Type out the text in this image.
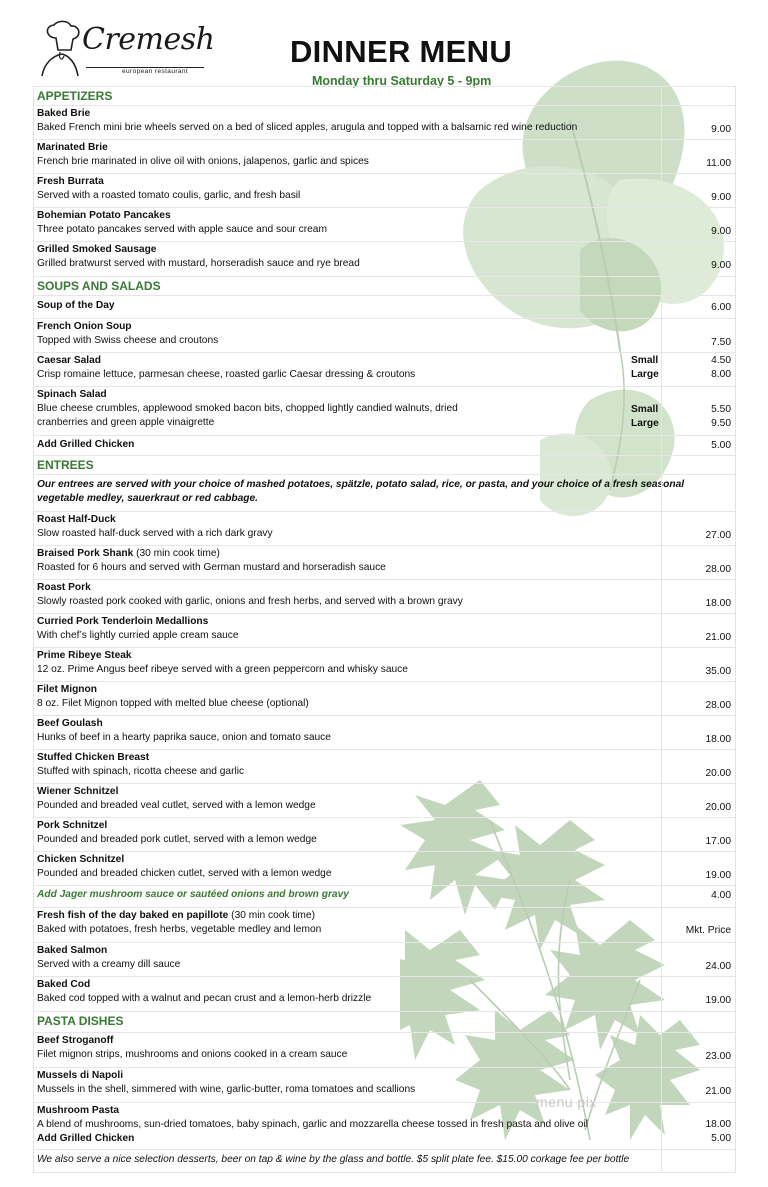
Cremesh
european restaurant
DINNER MENU
Monday thru Saturday 5 - 9pm
APPETIZERS
Baked Brie
Baked French mini brie wheels served on a bed of sliced apples, arugula and topped with a balsamic red wine reduction	9.00
Marinated Brie
French brie marinated in olive oil with onions, jalapenos, garlic and spices	11.00
Fresh Burrata
Served with a roasted tomato coulis, garlic, and fresh basil	9.00
Bohemian Potato Pancakes
Three potato pancakes served with apple sauce and sour cream	9.00
Grilled Smoked Sausage
Grilled bratwurst served with mustard, horseradish sauce and rye bread	9.00
SOUPS AND SALADS
Soup of the Day	6.00
French Onion Soup
Topped with Swiss cheese and croutons	7.50
Caesar Salad
Crisp romaine lettuce, parmesan cheese, roasted garlic Caesar dressing & croutons
Small	4.50
Large	8.00
Spinach Salad
Blue cheese crumbles, applewood smoked bacon bits, chopped lightly candied walnuts, dried
cranberries and green apple vinaigrette
Small	5.50
Large	9.50
Add Grilled Chicken	5.00
ENTREES
Our entrees are served with your choice of mashed potatoes, spätzle, potato salad, rice, or pasta, and your choice of a fresh seasonal vegetable medley, sauerkraut or red cabbage.
Roast Half-Duck
Slow roasted half-duck served with a rich dark gravy	27.00
Braised Pork Shank (30 min cook time)
Roasted for 6 hours and served with German mustard and horseradish sauce	28.00
Roast Pork
Slowly roasted pork cooked with garlic, onions and fresh herbs, and served with a brown gravy	18.00
Curried Pork Tenderloin Medallions
With chef’s lightly curried apple cream sauce	21.00
Prime Ribeye Steak
12 oz. Prime Angus beef ribeye served with a green peppercorn and whisky sauce	35.00
Filet Mignon
8 oz. Filet Mignon topped with melted blue cheese (optional)	28.00
Beef Goulash
Hunks of beef in a hearty paprika sauce, onion and tomato sauce	18.00
Stuffed Chicken Breast
Stuffed with spinach, ricotta cheese and garlic	20.00
Wiener Schnitzel
Pounded and breaded veal cutlet, served with a lemon wedge	20.00
Pork Schnitzel
Pounded and breaded pork cutlet, served with a lemon wedge	17.00
Chicken Schnitzel
Pounded and breaded chicken cutlet, served with a lemon wedge	19.00
Add Jager mushroom sauce or sautéed onions and brown gravy	4.00
Fresh fish of the day baked en papillote (30 min cook time)
Baked with potatoes, fresh herbs, vegetable medley and lemon	Mkt. Price
Baked Salmon
Served with a creamy dill sauce	24.00
Baked Cod
Baked cod topped with a walnut and pecan crust and a lemon-herb drizzle	19.00
PASTA DISHES
Beef Stroganoff
Filet mignon strips, mushrooms and onions cooked in a cream sauce	23.00
Mussels di Napoli
Mussels in the shell, simmered with wine, garlic-butter, roma tomatoes and scallions	21.00
Mushroom Pasta
A blend of mushrooms, sun-dried tomatoes, baby spinach, garlic and mozzarella cheese tossed in fresh pasta and olive oil	18.00
Add Grilled Chicken	5.00
We also serve a nice selection desserts, beer on tap & wine by the glass and bottle. $5 split plate fee. $15.00 corkage fee per bottle
menu pix
